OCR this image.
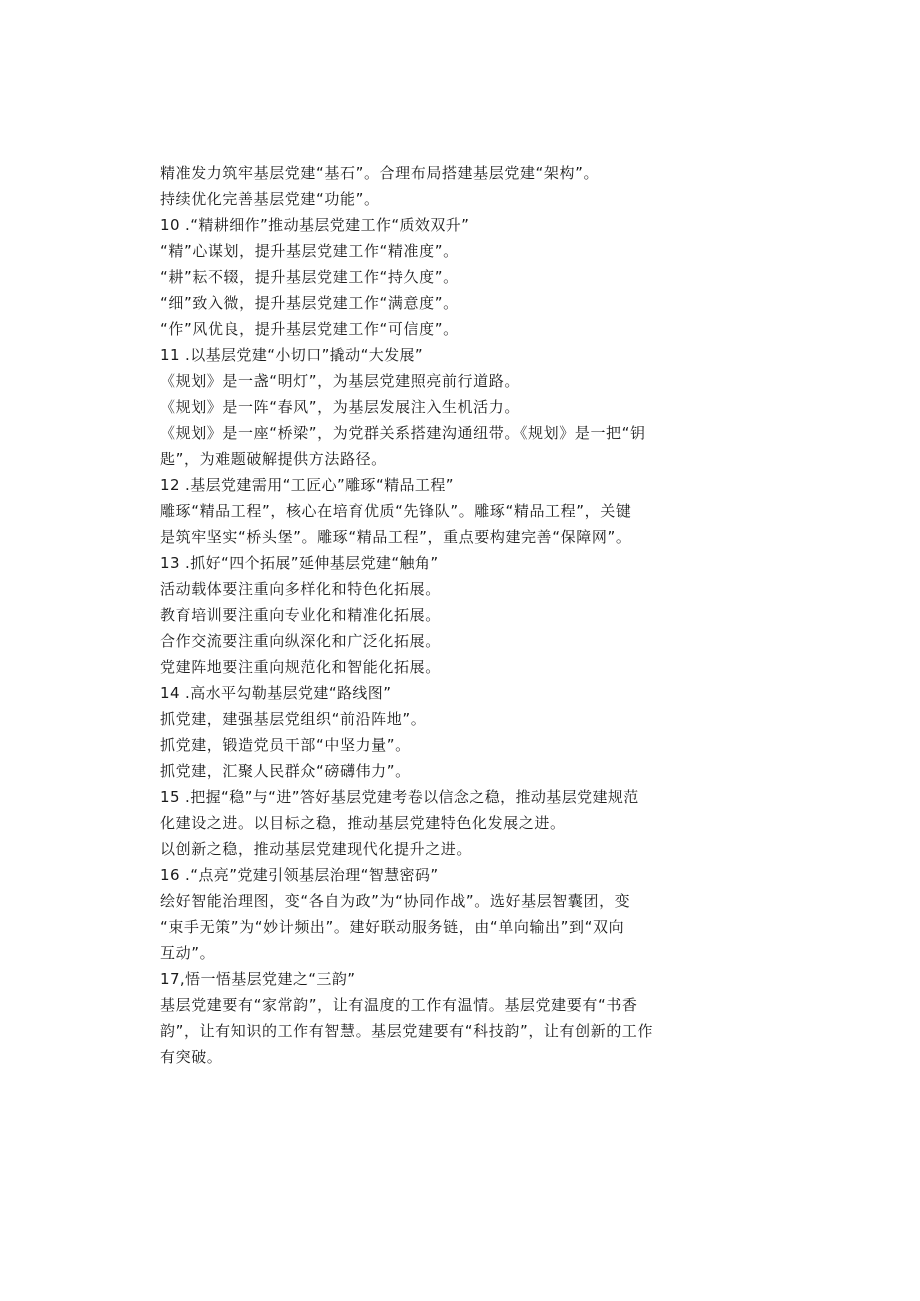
精准发力筑牢基层党建“基石”。合理布局搭建基层党建“架构”。
持续优化完善基层党建“功能”。
10 .“精耕细作”推动基层党建工作“质效双升”
“精”心谋划，提升基层党建工作“精准度”。
“耕”耘不辍，提升基层党建工作“持久度”。
“细”致入微，提升基层党建工作“满意度”。
“作”风优良，提升基层党建工作“可信度”。
11 .以基层党建“小切口”撬动“大发展”
《规划》是一盏“明灯”，为基层党建照亮前行道路。
《规划》是一阵“春风”，为基层发展注入生机活力。
《规划》是一座“桥梁”，为党群关系搭建沟通纽带。《规划》是一把“钥
匙”，为难题破解提供方法路径。
12 .基层党建需用“工匠心”雕琢“精品工程”
雕琢“精品工程”，核心在培育优质“先锋队”。雕琢“精品工程”，关键
是筑牢坚实“桥头堡”。雕琢“精品工程”，重点要构建完善“保障网”。
13 .抓好“四个拓展”延伸基层党建“触角”
活动载体要注重向多样化和特色化拓展。
教育培训要注重向专业化和精准化拓展。
合作交流要注重向纵深化和广泛化拓展。
党建阵地要注重向规范化和智能化拓展。
14 .高水平勾勒基层党建“路线图”
抓党建，建强基层党组织“前沿阵地”。
抓党建，锻造党员干部“中坚力量”。
抓党建，汇聚人民群众“磅礴伟力”。
15 .把握“稳”与“进”答好基层党建考卷以信念之稳，推动基层党建规范
化建设之进。以目标之稳，推动基层党建特色化发展之进。
以创新之稳，推动基层党建现代化提升之进。
16 .“点亮”党建引领基层治理“智慧密码”
绘好智能治理图，变“各自为政”为“协同作战”。选好基层智囊团，变
“束手无策”为“妙计频出”。建好联动服务链，由“单向输出”到“双向
互动”。
17,悟一悟基层党建之“三韵”
基层党建要有“家常韵”，让有温度的工作有温情。基层党建要有“书香
韵”，让有知识的工作有智慧。基层党建要有“科技韵”，让有创新的工作
有突破。
